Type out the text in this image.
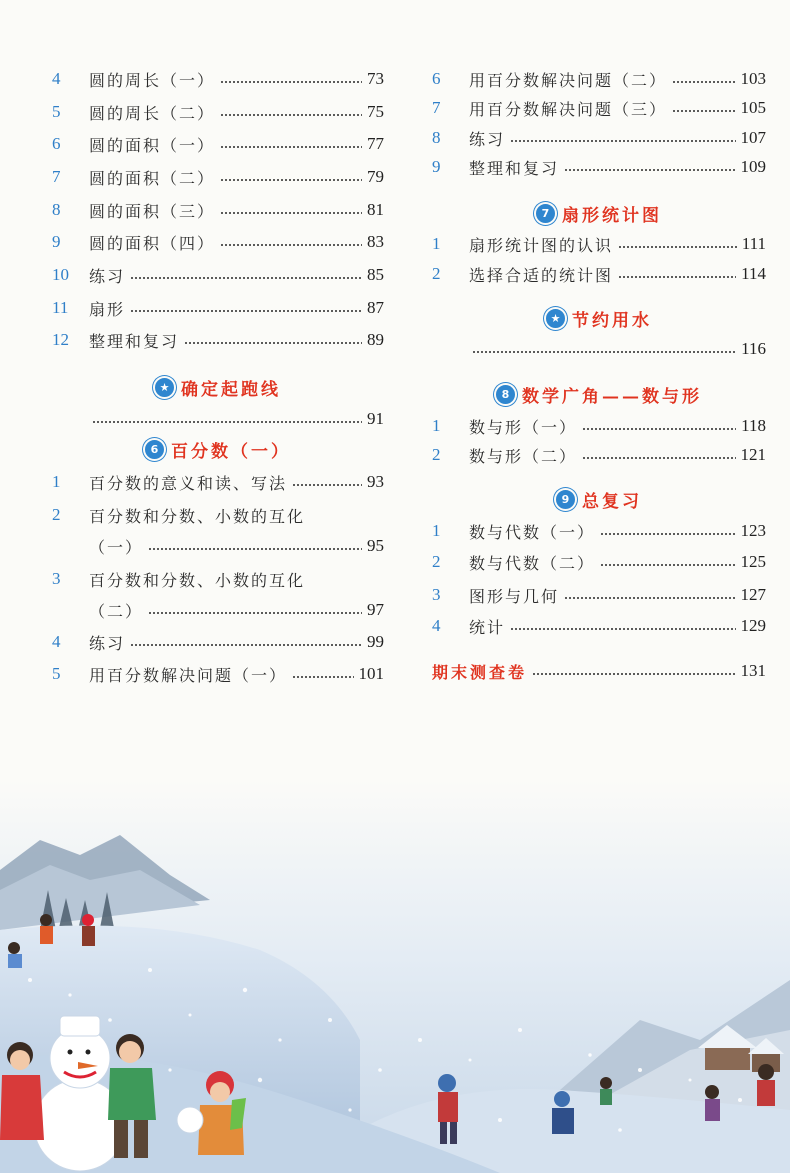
4	圆的周长（一）	73
5	圆的周长（二）	75
6	圆的面积（一）	77
7	圆的面积（二）	79
8	圆的面积（三）	81
9	圆的面积（四）	83
10	练习	85
11	扇形	87
12	整理和复习	89
★ 确定起跑线
91
6 百分数（一）
1	百分数的意义和读、写法	93
2	百分数和分数、小数的互化
（一）	95
3	百分数和分数、小数的互化
（二）	97
4	练习	99
5	用百分数解决问题（一）	101
6	用百分数解决问题（二）	103
7	用百分数解决问题（三）	105
8	练习	107
9	整理和复习	109
7 扇形统计图
1	扇形统计图的认识	111
2	选择合适的统计图	114
★ 节约用水
116
8 数学广角——数与形
1	数与形（一）	118
2	数与形（二）	121
9 总复习
1	数与代数（一）	123
2	数与代数（二）	125
3	图形与几何	127
4	统计	129
期末测查卷	131
